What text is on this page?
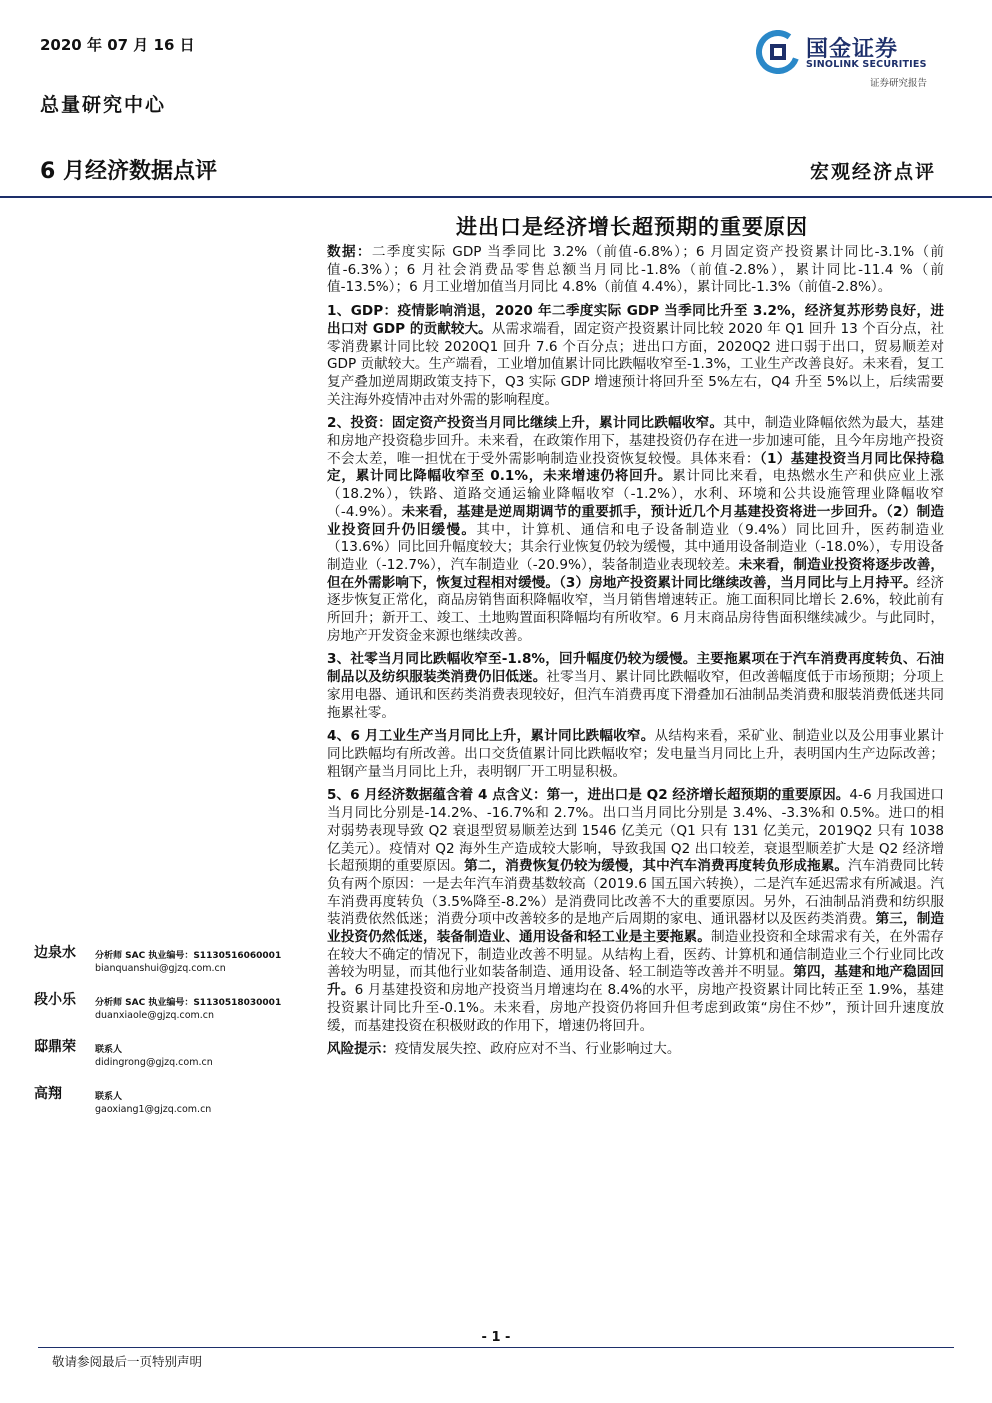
2020 年 07 月 16 日	国金证券
SINOLINK SECURITIES
证券研究报告
总量研究中心
6 月经济数据点评	宏观经济点评
进出口是经济增长超预期的重要原因

数据：二季度实际 GDP 当季同比 3.2%（前值-6.8%）；6 月固定资产投资累计同比-3.1%（前值-6.3%）；6 月社会消费品零售总额当月同比-1.8%（前值-2.8%），累计同比-11.4 %（前值-13.5%）；6 月工业增加值当月同比 4.8%（前值 4.4%），累计同比-1.3%（前值-2.8%）。

1、GDP：疫情影响消退，2020 年二季度实际 GDP 当季同比升至 3.2%，经济复苏形势良好，进出口对 GDP 的贡献较大。从需求端看，固定资产投资累计同比较 2020 年 Q1 回升 13 个百分点，社零消费累计同比较 2020Q1 回升 7.6 个百分点；进出口方面，2020Q2 进口弱于出口，贸易顺差对 GDP 贡献较大。生产端看，工业增加值累计同比跌幅收窄至-1.3%，工业生产改善良好。未来看，复工复产叠加逆周期政策支持下，Q3 实际 GDP 增速预计将回升至 5%左右，Q4 升至 5%以上，后续需要关注海外疫情冲击对外需的影响程度。

2、投资：固定资产投资当月同比继续上升，累计同比跌幅收窄。其中，制造业降幅依然为最大，基建和房地产投资稳步回升。未来看，在政策作用下，基建投资仍存在进一步加速可能，且今年房地产投资不会太差，唯一担忧在于受外需影响制造业投资恢复较慢。具体来看：（1）基建投资当月同比保持稳定，累计同比降幅收窄至 0.1%，未来增速仍将回升。累计同比来看，电热燃水生产和供应业上涨（18.2%），铁路、道路交通运输业降幅收窄（-1.2%），水利、环境和公共设施管理业降幅收窄（-4.9%）。未来看，基建是逆周期调节的重要抓手，预计近几个月基建投资将进一步回升。（2）制造业投资回升仍旧缓慢。其中，计算机、通信和电子设备制造业（9.4%）同比回升，医药制造业（13.6%）同比回升幅度较大；其余行业恢复仍较为缓慢，其中通用设备制造业（-18.0%），专用设备制造业（-12.7%），汽车制造业（-20.9%），装备制造业表现较差。未来看，制造业投资将逐步改善，但在外需影响下，恢复过程相对缓慢。（3）房地产投资累计同比继续改善，当月同比与上月持平。经济逐步恢复正常化，商品房销售面积降幅收窄，当月销售增速转正。施工面积同比增长 2.6%，较此前有所回升；新开工、竣工、土地购置面积降幅均有所收窄。6 月末商品房待售面积继续减少。与此同时，房地产开发资金来源也继续改善。

3、社零当月同比跌幅收窄至-1.8%，回升幅度仍较为缓慢。主要拖累项在于汽车消费再度转负、石油制品以及纺织服装类消费仍旧低迷。社零当月、累计同比跌幅收窄，但改善幅度低于市场预期；分项上家用电器、通讯和医药类消费表现较好，但汽车消费再度下滑叠加石油制品类消费和服装消费低迷共同拖累社零。

4、6 月工业生产当月同比上升，累计同比跌幅收窄。从结构来看，采矿业、制造业以及公用事业累计同比跌幅均有所改善。出口交货值累计同比跌幅收窄；发电量当月同比上升，表明国内生产边际改善；粗钢产量当月同比上升，表明钢厂开工明显积极。

5、6 月经济数据蕴含着 4 点含义：第一，进出口是 Q2 经济增长超预期的重要原因。4-6 月我国进口当月同比分别是-14.2%、-16.7%和 2.7%。出口当月同比分别是 3.4%、-3.3%和 0.5%。进口的相对弱势表现导致 Q2 衰退型贸易顺差达到 1546 亿美元（Q1 只有 131 亿美元，2019Q2 只有 1038 亿美元）。疫情对 Q2 海外生产造成较大影响，导致我国 Q2 出口较差，衰退型顺差扩大是 Q2 经济增长超预期的重要原因。第二，消费恢复仍较为缓慢，其中汽车消费再度转负形成拖累。汽车消费同比转负有两个原因：一是去年汽车消费基数较高（2019.6 国五国六转换），二是汽车延迟需求有所减退。汽车消费再度转负（3.5%降至-8.2%）是消费同比改善不大的重要原因。另外，石油制品消费和纺织服装消费依然低迷；消费分项中改善较多的是地产后周期的家电、通讯器材以及医药类消费。第三，制造业投资仍然低迷，装备制造业、通用设备和轻工业是主要拖累。制造业投资和全球需求有关，在外需存在较大不确定的情况下，制造业改善不明显。从结构上看，医药、计算机和通信制造业三个行业同比改善较为明显，而其他行业如装备制造、通用设备、轻工制造等改善并不明显。第四，基建和地产稳固回升。6 月基建投资和房地产投资当月增速均在 8.4%的水平，房地产投资累计同比转正至 1.9%，基建投资累计同比升至-0.1%。未来看，房地产投资仍将回升但考虑到政策“房住不炒”，预计回升速度放缓，而基建投资在积极财政的作用下，增速仍将回升。

风险提示：疫情发展失控、政府应对不当、行业影响过大。

边泉水 分析师 SAC 执业编号：S1130516060001
bianquanshui@gjzq.com.cn
段小乐 分析师 SAC 执业编号：S1130518030001
duanxiaole@gjzq.com.cn
邸鼎荣 联系人
didingrong@gjzq.com.cn
高翔	联系人
gaoxiang1@gjzq.com.cn
- 1 -
敬请参阅最后一页特别声明
